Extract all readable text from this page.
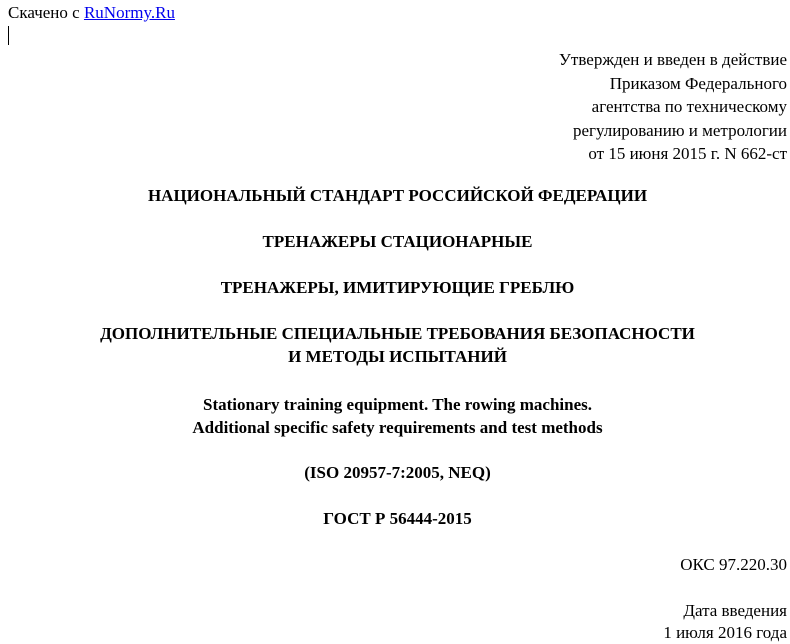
Скачено с RuNormy.Ru
Утвержден и введен в действие
Приказом Федерального
агентства по техническому
регулированию и метрологии
от 15 июня 2015 г. N 662-ст
НАЦИОНАЛЬНЫЙ СТАНДАРТ РОССИЙСКОЙ ФЕДЕРАЦИИ
ТРЕНАЖЕРЫ СТАЦИОНАРНЫЕ
ТРЕНАЖЕРЫ, ИМИТИРУЮЩИЕ ГРЕБЛЮ
ДОПОЛНИТЕЛЬНЫЕ СПЕЦИАЛЬНЫЕ ТРЕБОВАНИЯ БЕЗОПАСНОСТИ
И МЕТОДЫ ИСПЫТАНИЙ
Stationary training equipment. The rowing machines.
Additional specific safety requirements and test methods
(ISO 20957-7:2005, NEQ)
ГОСТ Р 56444-2015
ОКС 97.220.30
Дата введения
1 июля 2016 года
